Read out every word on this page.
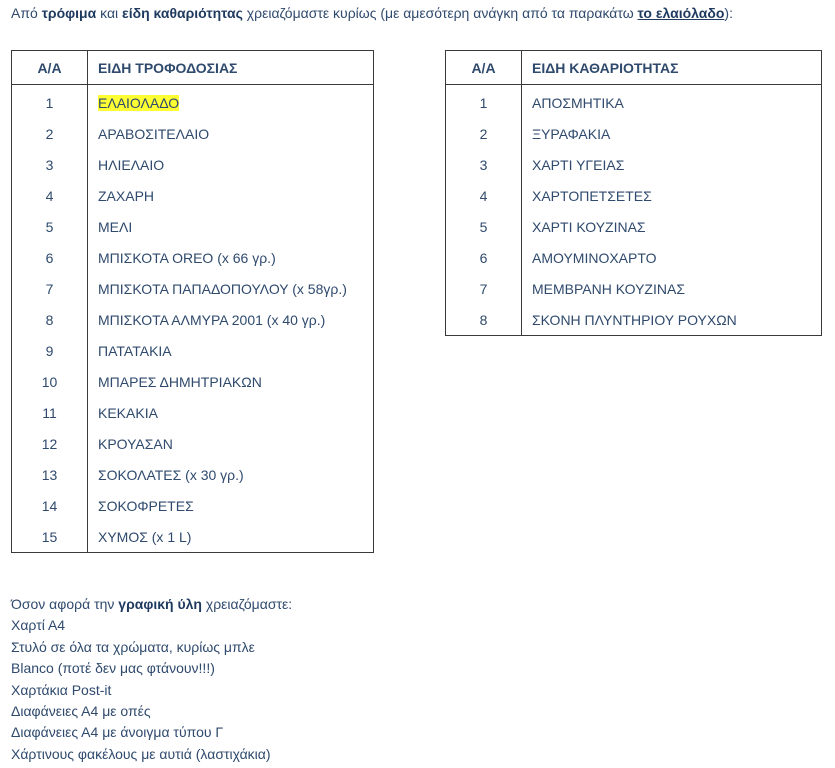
Από τρόφιμα και είδη καθαριότητας χρειαζόμαστε κυρίως (με αμεσότερη ανάγκη από τα παρακάτω το ελαιόλαδο):
Α/Α	ΕΙΔΗ ΤΡΟΦΟΔΟΣΙΑΣ
1	ΕΛΑΙΟΛΑΔΟ
2	ΑΡΑΒΟΣΙΤΕΛΑΙΟ
3	ΗΛΙΕΛΑΙΟ
4	ΖΑΧΑΡΗ
5	ΜΕΛΙ
6	ΜΠΙΣΚΟΤΑ OREO (x 66 γρ.)
7	ΜΠΙΣΚΟΤΑ ΠΑΠΑΔΟΠΟΥΛΟΥ (x 58γρ.)
8	ΜΠΙΣΚΟΤΑ ΑΛΜΥΡΑ 2001 (x 40 γρ.)
9	ΠΑΤΑΤΑΚΙΑ
10	ΜΠΑΡΕΣ ΔΗΜΗΤΡΙΑΚΩΝ
11	ΚΕΚΑΚΙΑ
12	ΚΡΟΥΑΣΑΝ
13	ΣΟΚΟΛΑΤΕΣ (x 30 γρ.)
14	ΣΟΚΟΦΡΕΤΕΣ
15	ΧΥΜΟΣ (x 1 L)
Α/Α	ΕΙΔΗ ΚΑΘΑΡΙΟΤΗΤΑΣ
1	ΑΠΟΣΜΗΤΙΚΑ
2	ΞΥΡΑΦΑΚΙΑ
3	ΧΑΡΤΙ ΥΓΕΙΑΣ
4	ΧΑΡΤΟΠΕΤΣΕΤΕΣ
5	ΧΑΡΤΙ ΚΟΥΖΙΝΑΣ
6	ΑΜΟΥΜΙΝΟΧΑΡΤΟ
7	ΜΕΜΒΡΑΝΗ ΚΟΥΖΙΝΑΣ
8	ΣΚΟΝΗ ΠΛΥΝΤΗΡΙΟΥ ΡΟΥΧΩΝ
Όσον αφορά την γραφική ύλη χρειαζόμαστε:
Χαρτί Α4
Στυλό σε όλα τα χρώματα, κυρίως μπλε
Blanco (ποτέ δεν μας φτάνουν!!!)
Χαρτάκια Post-it
Διαφάνειες Α4 με οπές
Διαφάνειες Α4 με άνοιγμα τύπου Γ
Χάρτινους φακέλους με αυτιά (λαστιχάκια)
